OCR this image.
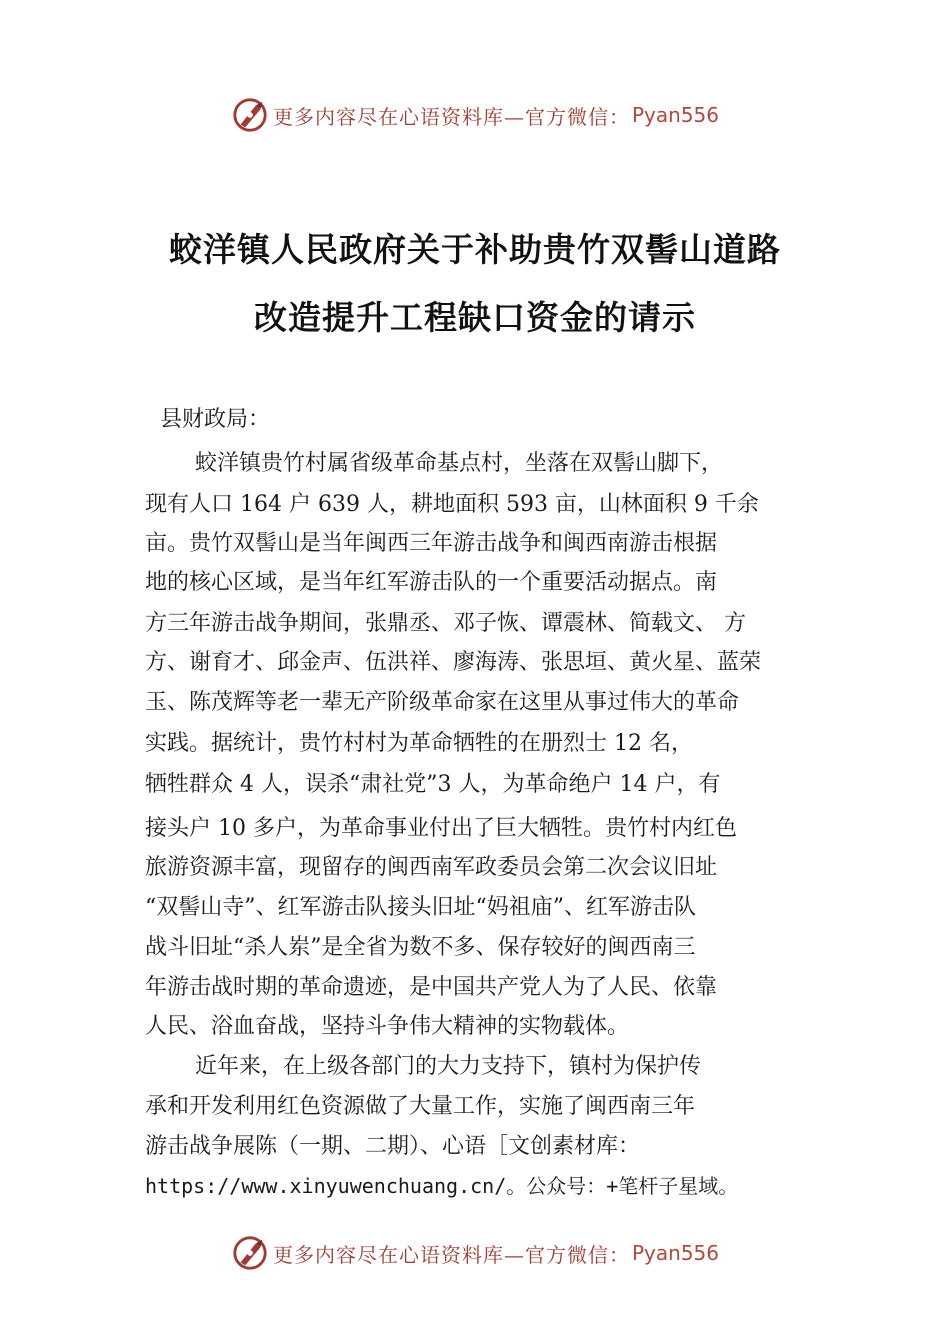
更多内容尽在心语资料库—官方微信： Pyan556
蛟洋镇人民政府关于补助贵竹双髻山道路
改造提升工程缺口资金的请示
县财政局：
蛟洋镇贵竹村属省级革命基点村，坐落在双髻山脚下，
现有人口 164 户 639 人，耕地面积 593 亩，山林面积 9 千余
亩。贵竹双髻山是当年闽西三年游击战争和闽西南游击根据
地的核心区域，是当年红军游击队的一个重要活动据点。南
方三年游击战争期间，张鼎丞、邓子恢、谭震林、简载文、 方
方、谢育才、邱金声、伍洪祥、廖海涛、张思垣、黄火星、蓝荣
玉、陈茂辉等老一辈无产阶级革命家在这里从事过伟大的革命
实践。据统计，贵竹村村为革命牺牲的在册烈士 12 名，
牺牲群众 4 人，误杀“肃社党”3 人，为革命绝户 14 户，有
接头户 10 多户，为革命事业付出了巨大牺牲。贵竹村内红色
旅游资源丰富，现留存的闽西南军政委员会第二次会议旧址
“双髻山寺”、红军游击队接头旧址“妈祖庙”、红军游击队
战斗旧址“杀人岽”是全省为数不多、保存较好的闽西南三
年游击战时期的革命遗迹，是中国共产党人为了人民、依靠
人民、浴血奋战，坚持斗争伟大精神的实物载体。
近年来，在上级各部门的大力支持下，镇村为保护传
承和开发利用红色资源做了大量工作，实施了闽西南三年
游击战争展陈（一期、二期）、心语［文创素材库：
https://www.xinyuwenchuang.cn/。公众号：+笔杆子星域。
更多内容尽在心语资料库—官方微信： Pyan556
